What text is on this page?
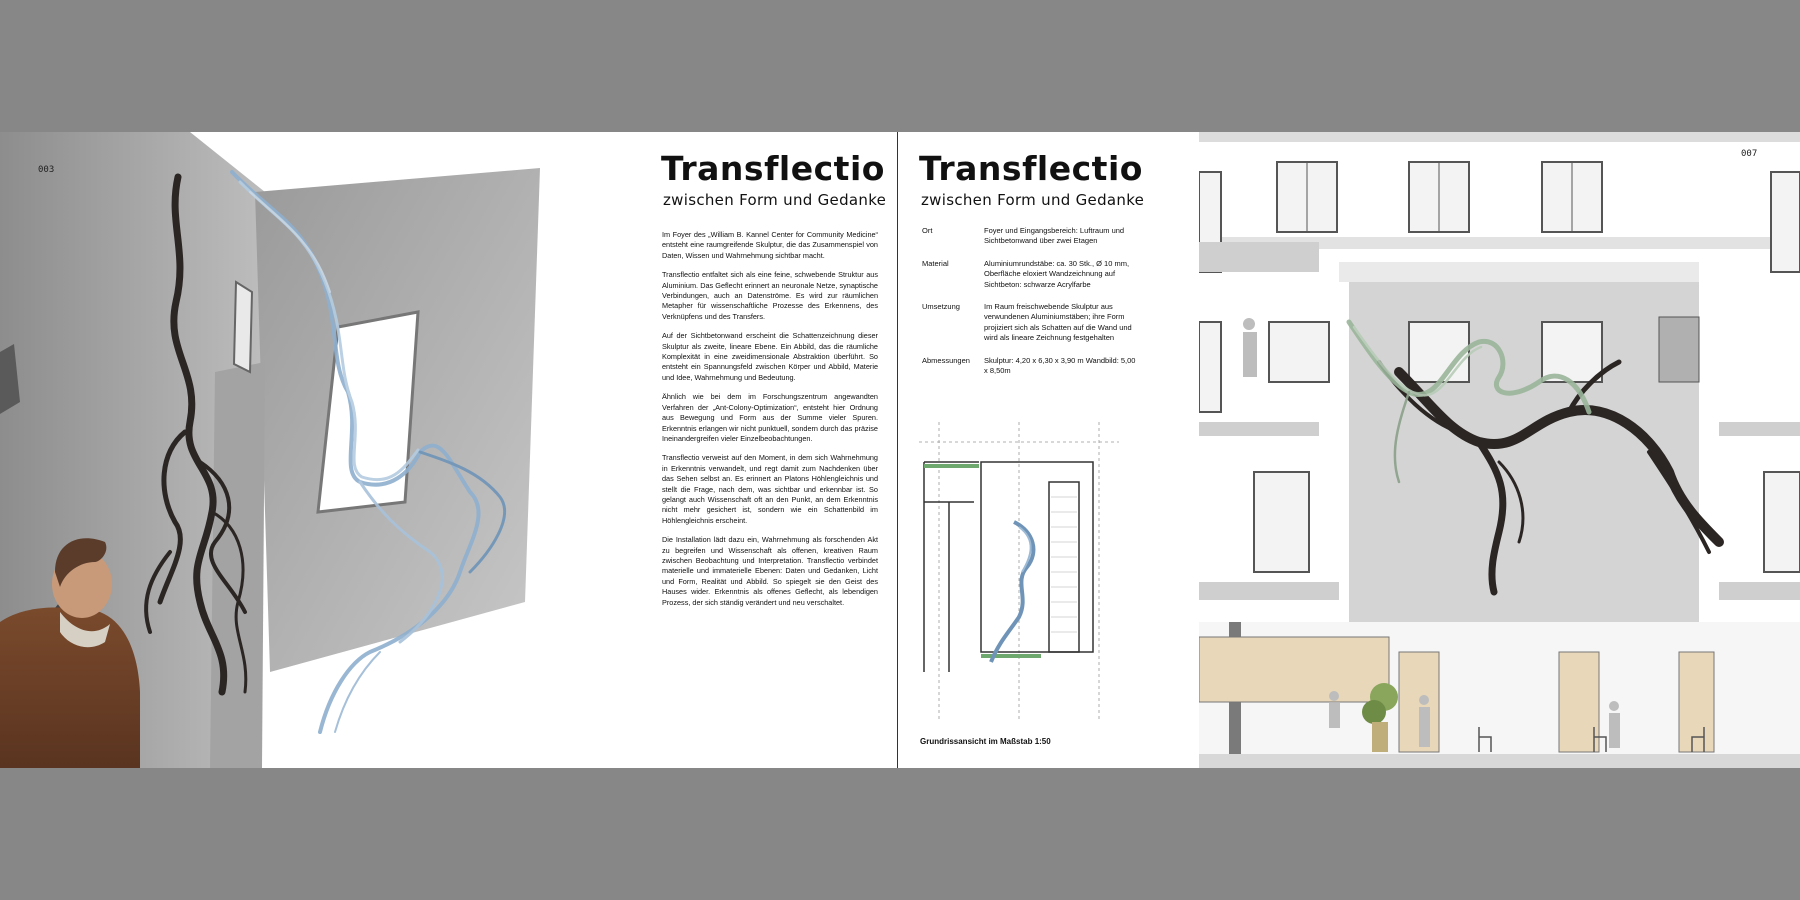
003	Transflectio
zwischen Form und Gedanke

Im Foyer des „William B. Kannel Center for Community Medicine“ entsteht eine raumgreifende Skulptur, die das Zusammenspiel von Daten, Wissen und Wahrnehmung sichtbar macht.

Transflectio entfaltet sich als eine feine, schwebende Struktur aus Aluminium. Das Geflecht erinnert an neuronale Netze, synaptische Verbindungen, auch an Datenströme. Es wird zur räumlichen Metapher für wissenschaftliche Prozesse des Erkennens, des Verknüpfens und des Transfers.

Auf der Sichtbetonwand erscheint die Schattenzeichnung dieser Skulptur als zweite, lineare Ebene. Ein Abbild, das die räumliche Komplexität in eine zweidimensionale Abstraktion überführt. So entsteht ein Spannungsfeld zwischen Körper und Abbild, Materie und Idee, Wahrnehmung und Bedeutung.

Ähnlich wie bei dem im Forschungszentrum angewandten Verfahren der „Ant-Colony-Optimization“, entsteht hier Ordnung aus Bewegung und Form aus der Summe vieler Spuren. Erkenntnis erlangen wir nicht punktuell, sondern durch das präzise Ineinandergreifen vieler Einzelbeobachtungen.

Transflectio verweist auf den Moment, in dem sich Wahrnehmung in Erkenntnis verwandelt, und regt damit zum Nachdenken über das Sehen selbst an. Es erinnert an Platons Höhlengleichnis und stellt die Frage, nach dem, was sichtbar und erkennbar ist. So gelangt auch Wissenschaft oft an den Punkt, an dem Erkenntnis nicht mehr gesichert ist, sondern wie ein Schattenbild im Höhlengleichnis erscheint.

Die Installation lädt dazu ein, Wahrnehmung als forschenden Akt zu begreifen und Wissenschaft als offenen, kreativen Raum zwischen Beobachtung und Interpretation. Transflectio verbindet materielle und immaterielle Ebenen: Daten und Gedanken, Licht und Form, Realität und Abbild. So spiegelt sie den Geist des Hauses wider. Erkenntnis als offenes Geflecht, als lebendigen Prozess, der sich ständig verändert und neu verschaltet.

Transflectio
zwischen Form und Gedanke
Ort	Foyer und Eingangsbereich: Luftraum und Sichtbetonwand über zwei Etagen
Material	Aluminiumrundstäbe: ca. 30 Stk., Ø 10 mm, Oberfläche eloxiert Wandzeichnung auf Sichtbeton: schwarze Acrylfarbe
Umsetzung	Im Raum freischwebende Skulptur aus verwundenen Aluminiumstäben; ihre Form projiziert sich als Schatten auf die Wand und wird als lineare Zeichnung festgehalten
Abmessungen	Skulptur: 4,20 x 6,30 x 3,90 m Wandbild: 5,00 x 8,50m
Grundrissansicht im Maßstab 1:50
007
